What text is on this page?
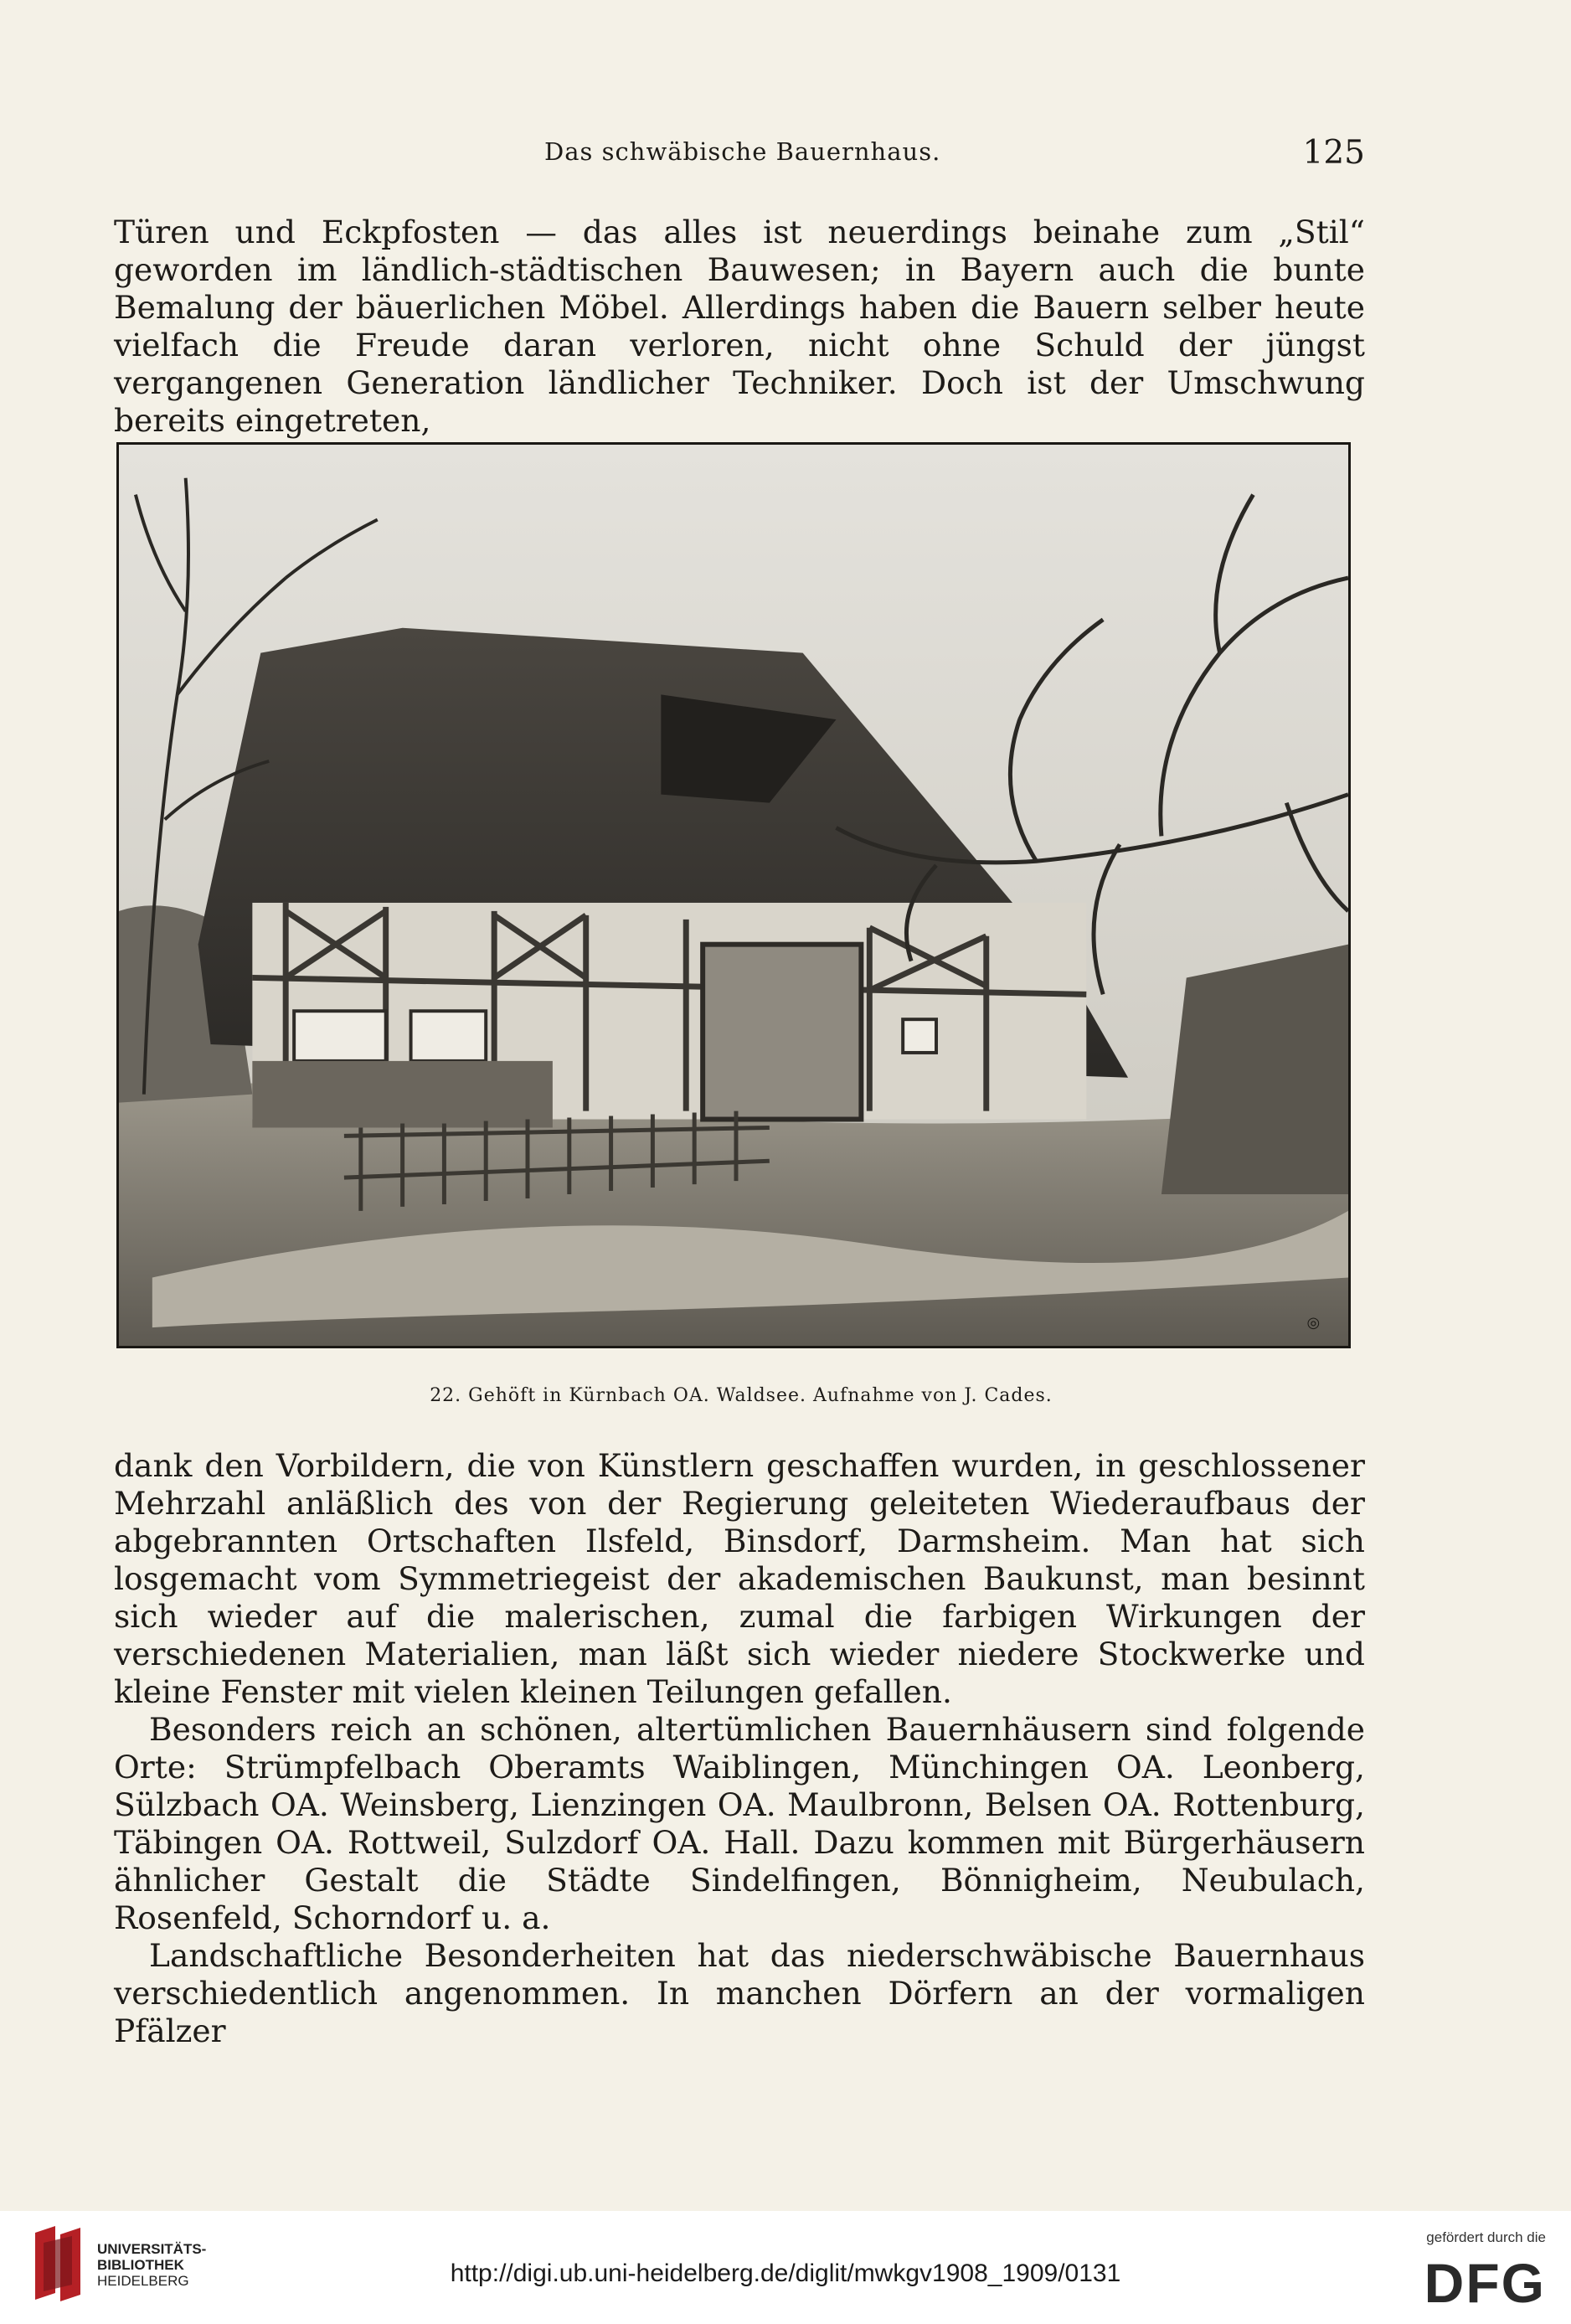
Das schwäbische Bauernhaus.	125

Türen und Eckpfosten — das alles ist neuerdings beinahe zum „Stil“ geworden im ländlich-städtischen Bauwesen; in Bayern auch die bunte Bemalung der bäuerlichen Möbel. Allerdings haben die Bauern selber heute vielfach die Freude daran verloren, nicht ohne Schuld der jüngst vergangenen Generation ländlicher Techniker. Doch ist der Umschwung bereits eingetreten,

◎
22. Gehöft in Kürnbach OA. Waldsee. Aufnahme von J. Cades.

dank den Vorbildern, die von Künstlern geschaffen wurden, in geschlossener Mehrzahl anläßlich des von der Regierung geleiteten Wiederaufbaus der abgebrannten Ortschaften Ilsfeld, Binsdorf, Darmsheim. Man hat sich losgemacht vom Symmetriegeist der akademischen Baukunst, man besinnt sich wieder auf die malerischen, zumal die farbigen Wirkungen der verschiedenen Materialien, man läßt sich wieder niedere Stockwerke und kleine Fenster mit vielen kleinen Teilungen gefallen.

Besonders reich an schönen, altertümlichen Bauernhäusern sind folgende Orte: Strümpfelbach Oberamts Waiblingen, Münchingen OA. Leonberg, Sülzbach OA. Weinsberg, Lienzingen OA. Maulbronn, Belsen OA. Rottenburg, Täbingen OA. Rottweil, Sulzdorf OA. Hall. Dazu kommen mit Bürgerhäusern ähnlicher Gestalt die Städte Sindelfingen, Bönnigheim, Neubulach, Rosenfeld, Schorndorf u. a.

Landschaftliche Besonderheiten hat das niederschwäbische Bauernhaus verschiedentlich angenommen. In manchen Dörfern an der vormaligen Pfälzer

UNIVERSITÄTS-
BIBLIOTHEK
HEIDELBERG	http://digi.ub.uni-heidelberg.de/diglit/mwkgv1908_1909/0131
gefördert durch die
DFG
